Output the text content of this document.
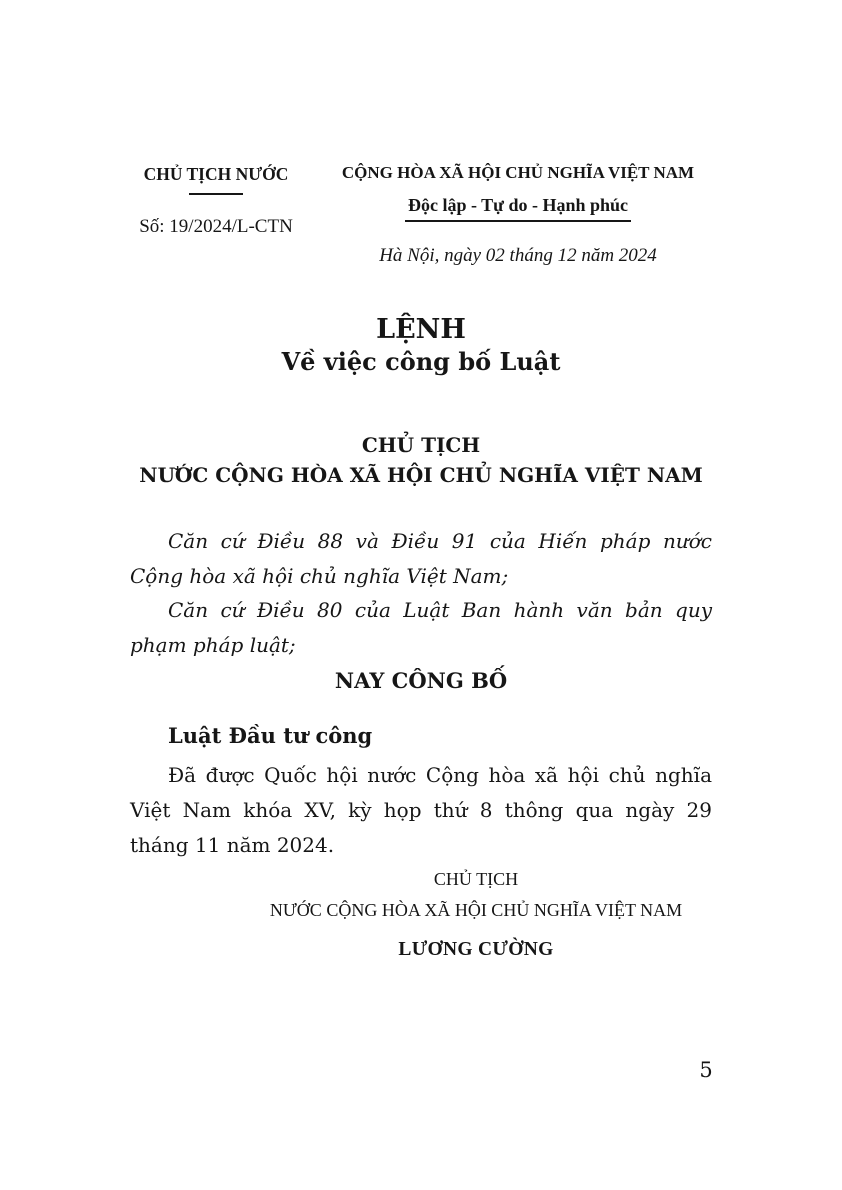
CHỦ TỊCH NƯỚC
Số: 19/2024/L-CTN
CỘNG HÒA XÃ HỘI CHỦ NGHĨA VIỆT NAM
Độc lập - Tự do - Hạnh phúc
Hà Nội, ngày 02 tháng 12 năm 2024
LỆNH
Về việc công bố Luật
CHỦ TỊCH
NƯỚC CỘNG HÒA XÃ HỘI CHỦ NGHĨA VIỆT NAM
Căn cứ Điều 88 và Điều 91 của Hiến pháp nước
Cộng hòa xã hội chủ nghĩa Việt Nam;
Căn cứ Điều 80 của Luật Ban hành văn bản quy
phạm pháp luật;
NAY CÔNG BỐ
Luật Đầu tư công
Đã được Quốc hội nước Cộng hòa xã hội chủ nghĩa
Việt Nam khóa XV, kỳ họp thứ 8 thông qua ngày 29
tháng 11 năm 2024.
CHỦ TỊCH
NƯỚC CỘNG HÒA XÃ HỘI CHỦ NGHĨA VIỆT NAM
LƯƠNG CƯỜNG
5
